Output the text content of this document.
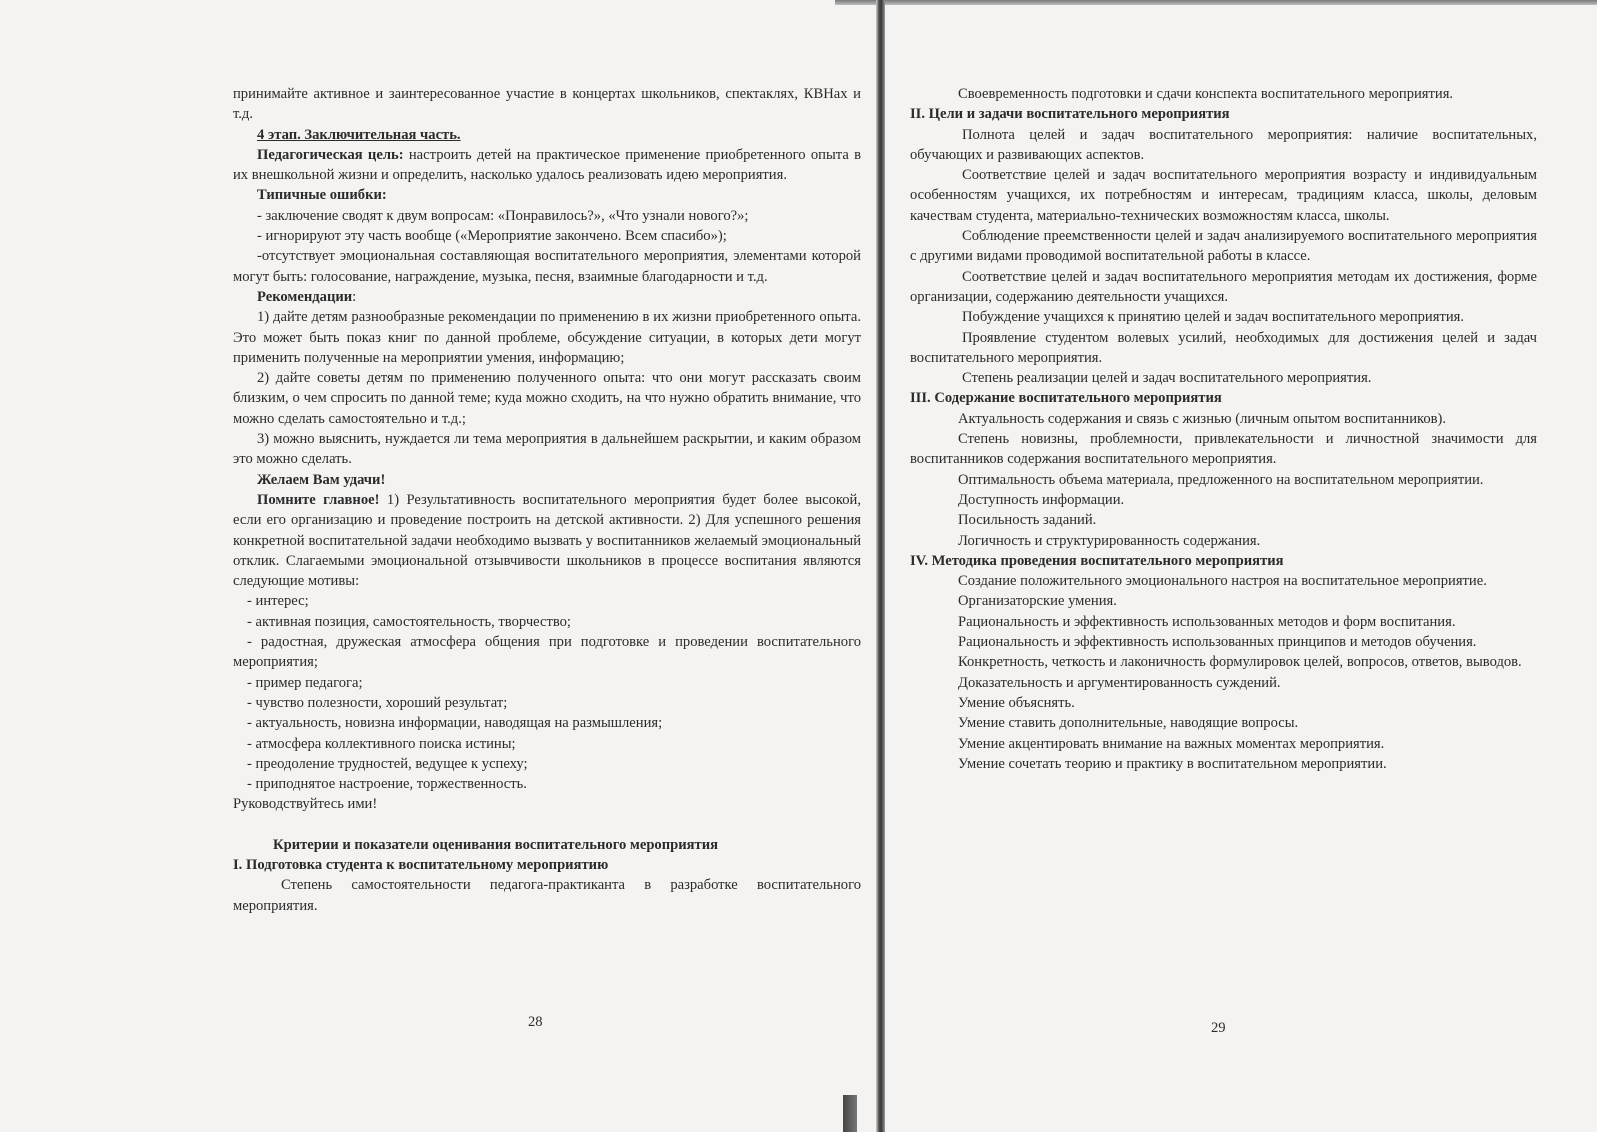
принимайте активное и заинтересованное участие в концертах школьников, спектаклях, КВНах и т.д.

4 этап. Заключительная часть.

Педагогическая цель: настроить детей на практическое применение приобретенного опыта в их внешкольной жизни и определить, насколько удалось реализовать идею мероприятия.

Типичные ошибки:

- заключение сводят к двум вопросам: «Понравилось?», «Что узнали нового?»;

- игнорируют эту часть вообще («Мероприятие закончено. Всем спасибо»);

-отсутствует эмоциональная составляющая воспитательного мероприятия, элементами которой могут быть: голосование, награждение, музыка, песня, взаимные благодарности и т.д.

Рекомендации:

1) дайте детям разнообразные рекомендации по применению в их жизни приобретенного опыта. Это может быть показ книг по данной проблеме, обсуждение ситуации, в которых дети могут применить полученные на мероприятии умения, информацию;

2) дайте советы детям по применению полученного опыта: что они могут рассказать своим близким, о чем спросить по данной теме; куда можно сходить, на что нужно обратить внимание, что можно сделать самостоятельно и т.д.;

3) можно выяснить, нуждается ли тема мероприятия в дальнейшем раскрытии, и каким образом это можно сделать.

Желаем Вам удачи!

Помните главное! 1) Результативность воспитательного мероприятия будет более высокой, если его организацию и проведение построить на детской активности. 2) Для успешного решения конкретной воспитательной задачи необходимо вызвать у воспитанников желаемый эмоциональный отклик. Слагаемыми эмоциональной отзывчивости школьников в процессе воспитания являются следующие мотивы:

- интерес;

- активная позиция, самостоятельность, творчество;

- радостная, дружеская атмосфера общения при подготовке и проведении воспитательного мероприятия;

- пример педагога;

- чувство полезности, хороший результат;

- актуальность, новизна информации, наводящая на размышления;

- атмосфера коллективного поиска истины;

- преодоление трудностей, ведущее к успеху;

- приподнятое настроение, торжественность.

Руководствуйтесь ими!

Критерии и показатели оценивания воспитательного мероприятия

I. Подготовка студента к воспитательному мероприятию

Степень самостоятельности педагога-практиканта в разработке воспитательного мероприятия.

28

Своевременность подготовки и сдачи конспекта воспитательного мероприятия.

II. Цели и задачи воспитательного мероприятия

Полнота целей и задач воспитательного мероприятия: наличие воспитательных, обучающих и развивающих аспектов.

Соответствие целей и задач воспитательного мероприятия возрасту и индивидуальным особенностям учащихся, их потребностям и интересам, традициям класса, школы, деловым качествам студента, материально-технических возможностям класса, школы.

Соблюдение преемственности целей и задач анализируемого воспитательного мероприятия с другими видами проводимой воспитательной работы в классе.

Соответствие целей и задач воспитательного мероприятия методам их достижения, форме организации, содержанию деятельности учащихся.

Побуждение учащихся к принятию целей и задач воспитательного мероприятия.

Проявление студентом волевых усилий, необходимых для достижения целей и задач воспитательного мероприятия.

Степень реализации целей и задач воспитательного мероприятия.

III. Содержание воспитательного мероприятия

Актуальность содержания и связь с жизнью (личным опытом воспитанников).

Степень новизны, проблемности, привлекательности и личностной значимости для воспитанников содержания воспитательного мероприятия.

Оптимальность объема материала, предложенного на воспитательном мероприятии.

Доступность информации.

Посильность заданий.

Логичность и структурированность содержания.

IV. Методика проведения воспитательного мероприятия

Создание положительного эмоционального настроя на воспитательное мероприятие.

Организаторские умения.

Рациональность и эффективность использованных методов и форм воспитания.

Рациональность и эффективность использованных принципов и методов обучения.

Конкретность, четкость и лаконичность формулировок целей, вопросов, ответов, выводов.

Доказательность и аргументированность суждений.

Умение объяснять.

Умение ставить дополнительные, наводящие вопросы.

Умение акцентировать внимание на важных моментах мероприятия.

Умение сочетать теорию и практику в воспитательном мероприятии.

29
